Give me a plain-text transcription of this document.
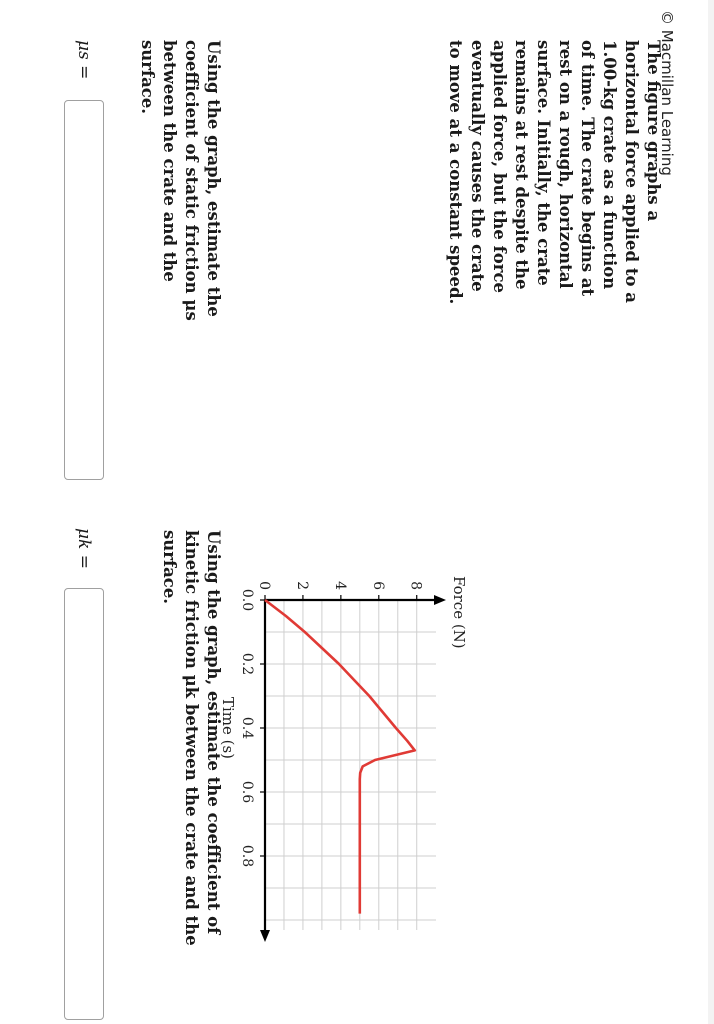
© Macmillan Learning
The figure graphs a horizontal force applied to a 1.00-kg crate as a function of time. The crate begins at rest on a rough, horizontal surface. Initially, the crate remains at rest despite the applied force, but the force eventually causes the crate to move at a constant speed.
0.0
0.2
0.4
0.6
0.8
0 2 4 6 8 Force (N)
Time (s)
Using the graph, estimate the coefficient of static friction μs between the crate and the surface.
Using the graph, estimate the coefficient of kinetic friction μk between the crate and the surface.
μs =
μk =
